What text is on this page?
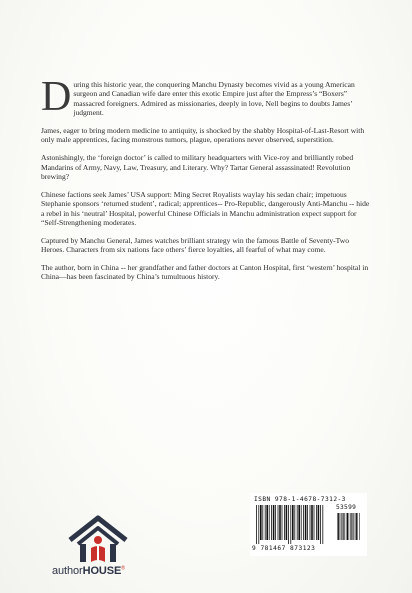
During this historic year, the conquering Manchu Dynasty becomes vivid as a young American surgeon and Canadian wife dare enter this exotic Empire just after the Empress’s “Boxers” massacred foreigners. Admired as missionaries, deeply in love, Nell begins to doubts James’ judgment.

James, eager to bring modern medicine to antiquity, is shocked by the shabby Hospital-of-Last-Resort with only male apprentices, facing monstrous tumors, plague, operations never observed, superstition.

Astonishingly, the ‘foreign doctor’ is called to military headquarters with Vice-roy and brilliantly robed Mandarins of Army, Navy, Law, Treasury, and Literary. Why? Tartar General assassinated! Revolution brewing?

Chinese factions seek James’ USA support: Ming Secret Royalists waylay his sedan chair; impetuous Stephanie sponsors ‘returned student’, radical; apprentices-- Pro-Republic, dangerously Anti-Manchu -- hide a rebel in his ‘neutral’ Hospital, powerful Chinese Officials in Manchu administration expect support for “Self-Strengthening moderates.

Captured by Manchu General, James watches brilliant strategy win the famous Battle of Seventy-Two Heroes. Characters from six nations face others’ fierce loyalties, all fearful of what may come.

The author, born in China -- her grandfather and father doctors at Canton Hospital, first ‘western’ hospital in China—has been fascinated by China’s tumultuous history.

authorHOUSE®
ISBN 978-1-4678-7312-3
53599
9 781467 873123
